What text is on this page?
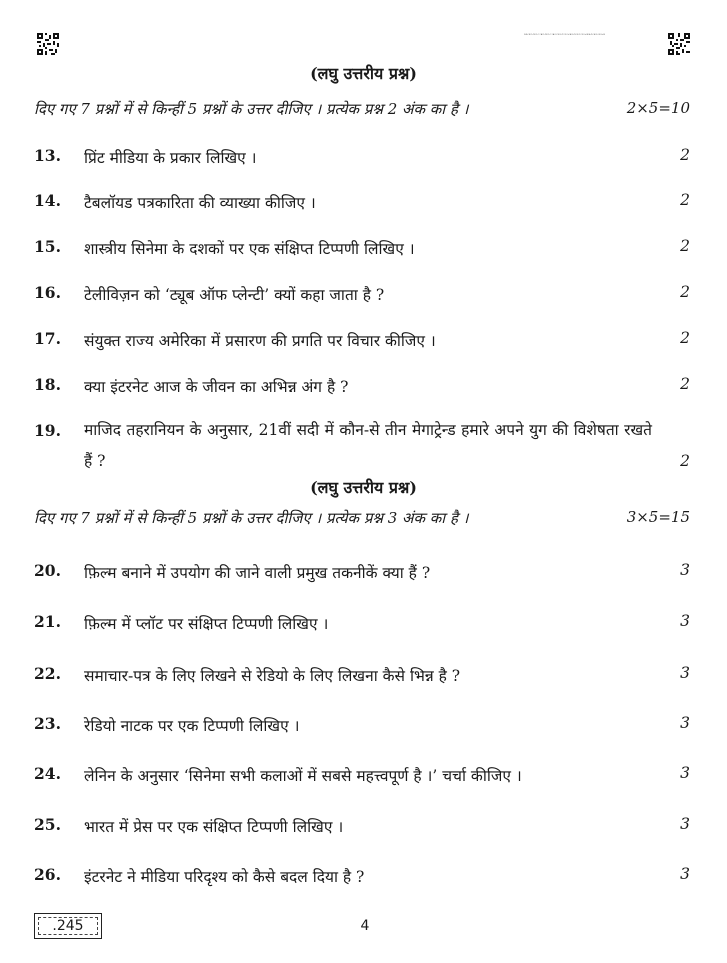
245/D/1/B/1/C/A/1/B/1/C/A/2/E/2/F/2/G/A/3/E/3/F/3/G/A/4/E/4/F/4/G/A
(लघु उत्तरीय प्रश्न)
दिए गए 7 प्रश्नों में से किन्हीं 5 प्रश्नों के उत्तर दीजिए । प्रत्येक प्रश्न 2 अंक का है ।	2×5=10
13. प्रिंट मीडिया के प्रकार लिखिए ।	2
14. टैबलॉयड पत्रकारिता की व्याख्या कीजिए ।	2
15. शास्त्रीय सिनेमा के दशकों पर एक संक्षिप्त टिप्पणी लिखिए ।	2
16. टेलीविज़न को ‘ट्यूब ऑफ प्लेन्टी’ क्यों कहा जाता है ?	2
17. संयुक्त राज्य अमेरिका में प्रसारण की प्रगति पर विचार कीजिए ।	2
18. क्या इंटरनेट आज के जीवन का अभिन्न अंग है ?	2
19. माजिद तहरानियन के अनुसार, 21वीं सदी में कौन-से तीन मेगाट्रेन्ड हमारे अपने युग की विशेषता रखते हैं ?	2
(लघु उत्तरीय प्रश्न)
दिए गए 7 प्रश्नों में से किन्हीं 5 प्रश्नों के उत्तर दीजिए । प्रत्येक प्रश्न 3 अंक का है ।	3×5=15
20. फ़िल्म बनाने में उपयोग की जाने वाली प्रमुख तकनीकें क्या हैं ?	3
21. फ़िल्म में प्लॉट पर संक्षिप्त टिप्पणी लिखिए ।	3
22. समाचार-पत्र के लिए लिखने से रेडियो के लिए लिखना कैसे भिन्न है ?	3
23. रेडियो नाटक पर एक टिप्पणी लिखिए ।	3
24. लेनिन के अनुसार ‘सिनेमा सभी कलाओं में सबसे महत्त्वपूर्ण है ।’ चर्चा कीजिए ।	3
25. भारत में प्रेस पर एक संक्षिप्त टिप्पणी लिखिए ।	3
26. इंटरनेट ने मीडिया परिदृश्य को कैसे बदल दिया है ?	3
.245	4
